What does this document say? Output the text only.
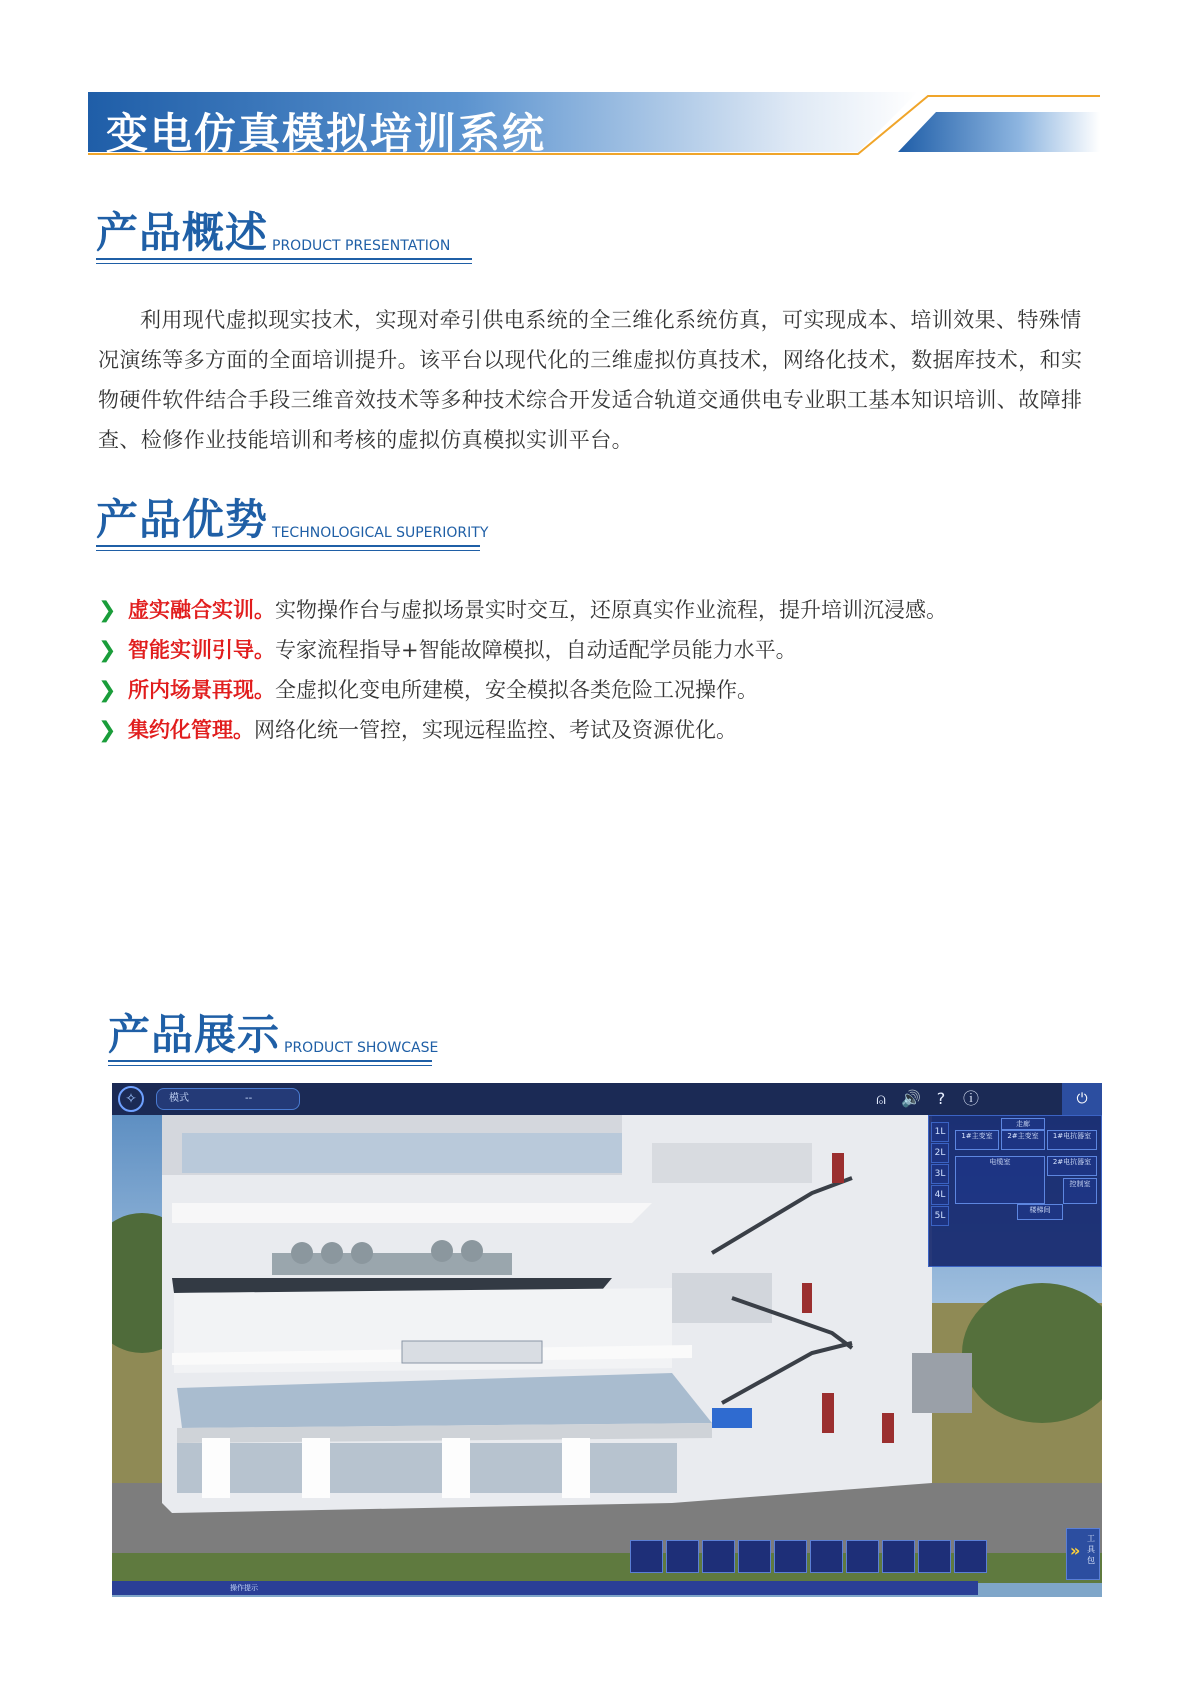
变电仿真模拟培训系统
产品概述 PRODUCT PRESENTATION
利用现代虚拟现实技术，实现对牵引供电系统的全三维化系统仿真，可实现成本、培训效果、特殊情况演练等多方面的全面培训提升。该平台以现代化的三维虚拟仿真技术，网络化技术，数据库技术，和实物硬件软件结合手段三维音效技术等多种技术综合开发适合轨道交通供电专业职工基本知识培训、故障排查、检修作业技能培训和考核的虚拟仿真模拟实训平台。
产品优势 TECHNOLOGICAL SUPERIORITY
❯ 虚实融合实训。实物操作台与虚拟场景实时交互，还原真实作业流程，提升培训沉浸感。
❯ 智能实训引导。专家流程指导+智能故障模拟，自动适配学员能力水平。
❯ 所内场景再现。全虚拟化变电所建模，安全模拟各类危险工况操作。
❯ 集约化管理。网络化统一管控，实现远程监控、考试及资源优化。
产品展示 PRODUCT SHOWCASE
✧	模式	--	⍝ 🔊 ?	ⓘ	⏻
1L
2L
3L
4L
5L
1#主变室	2#主变室	1#电抗器室
2#电抗器室
电缆室
走廊
控制室
楼梯间
»
工具包
操作提示
